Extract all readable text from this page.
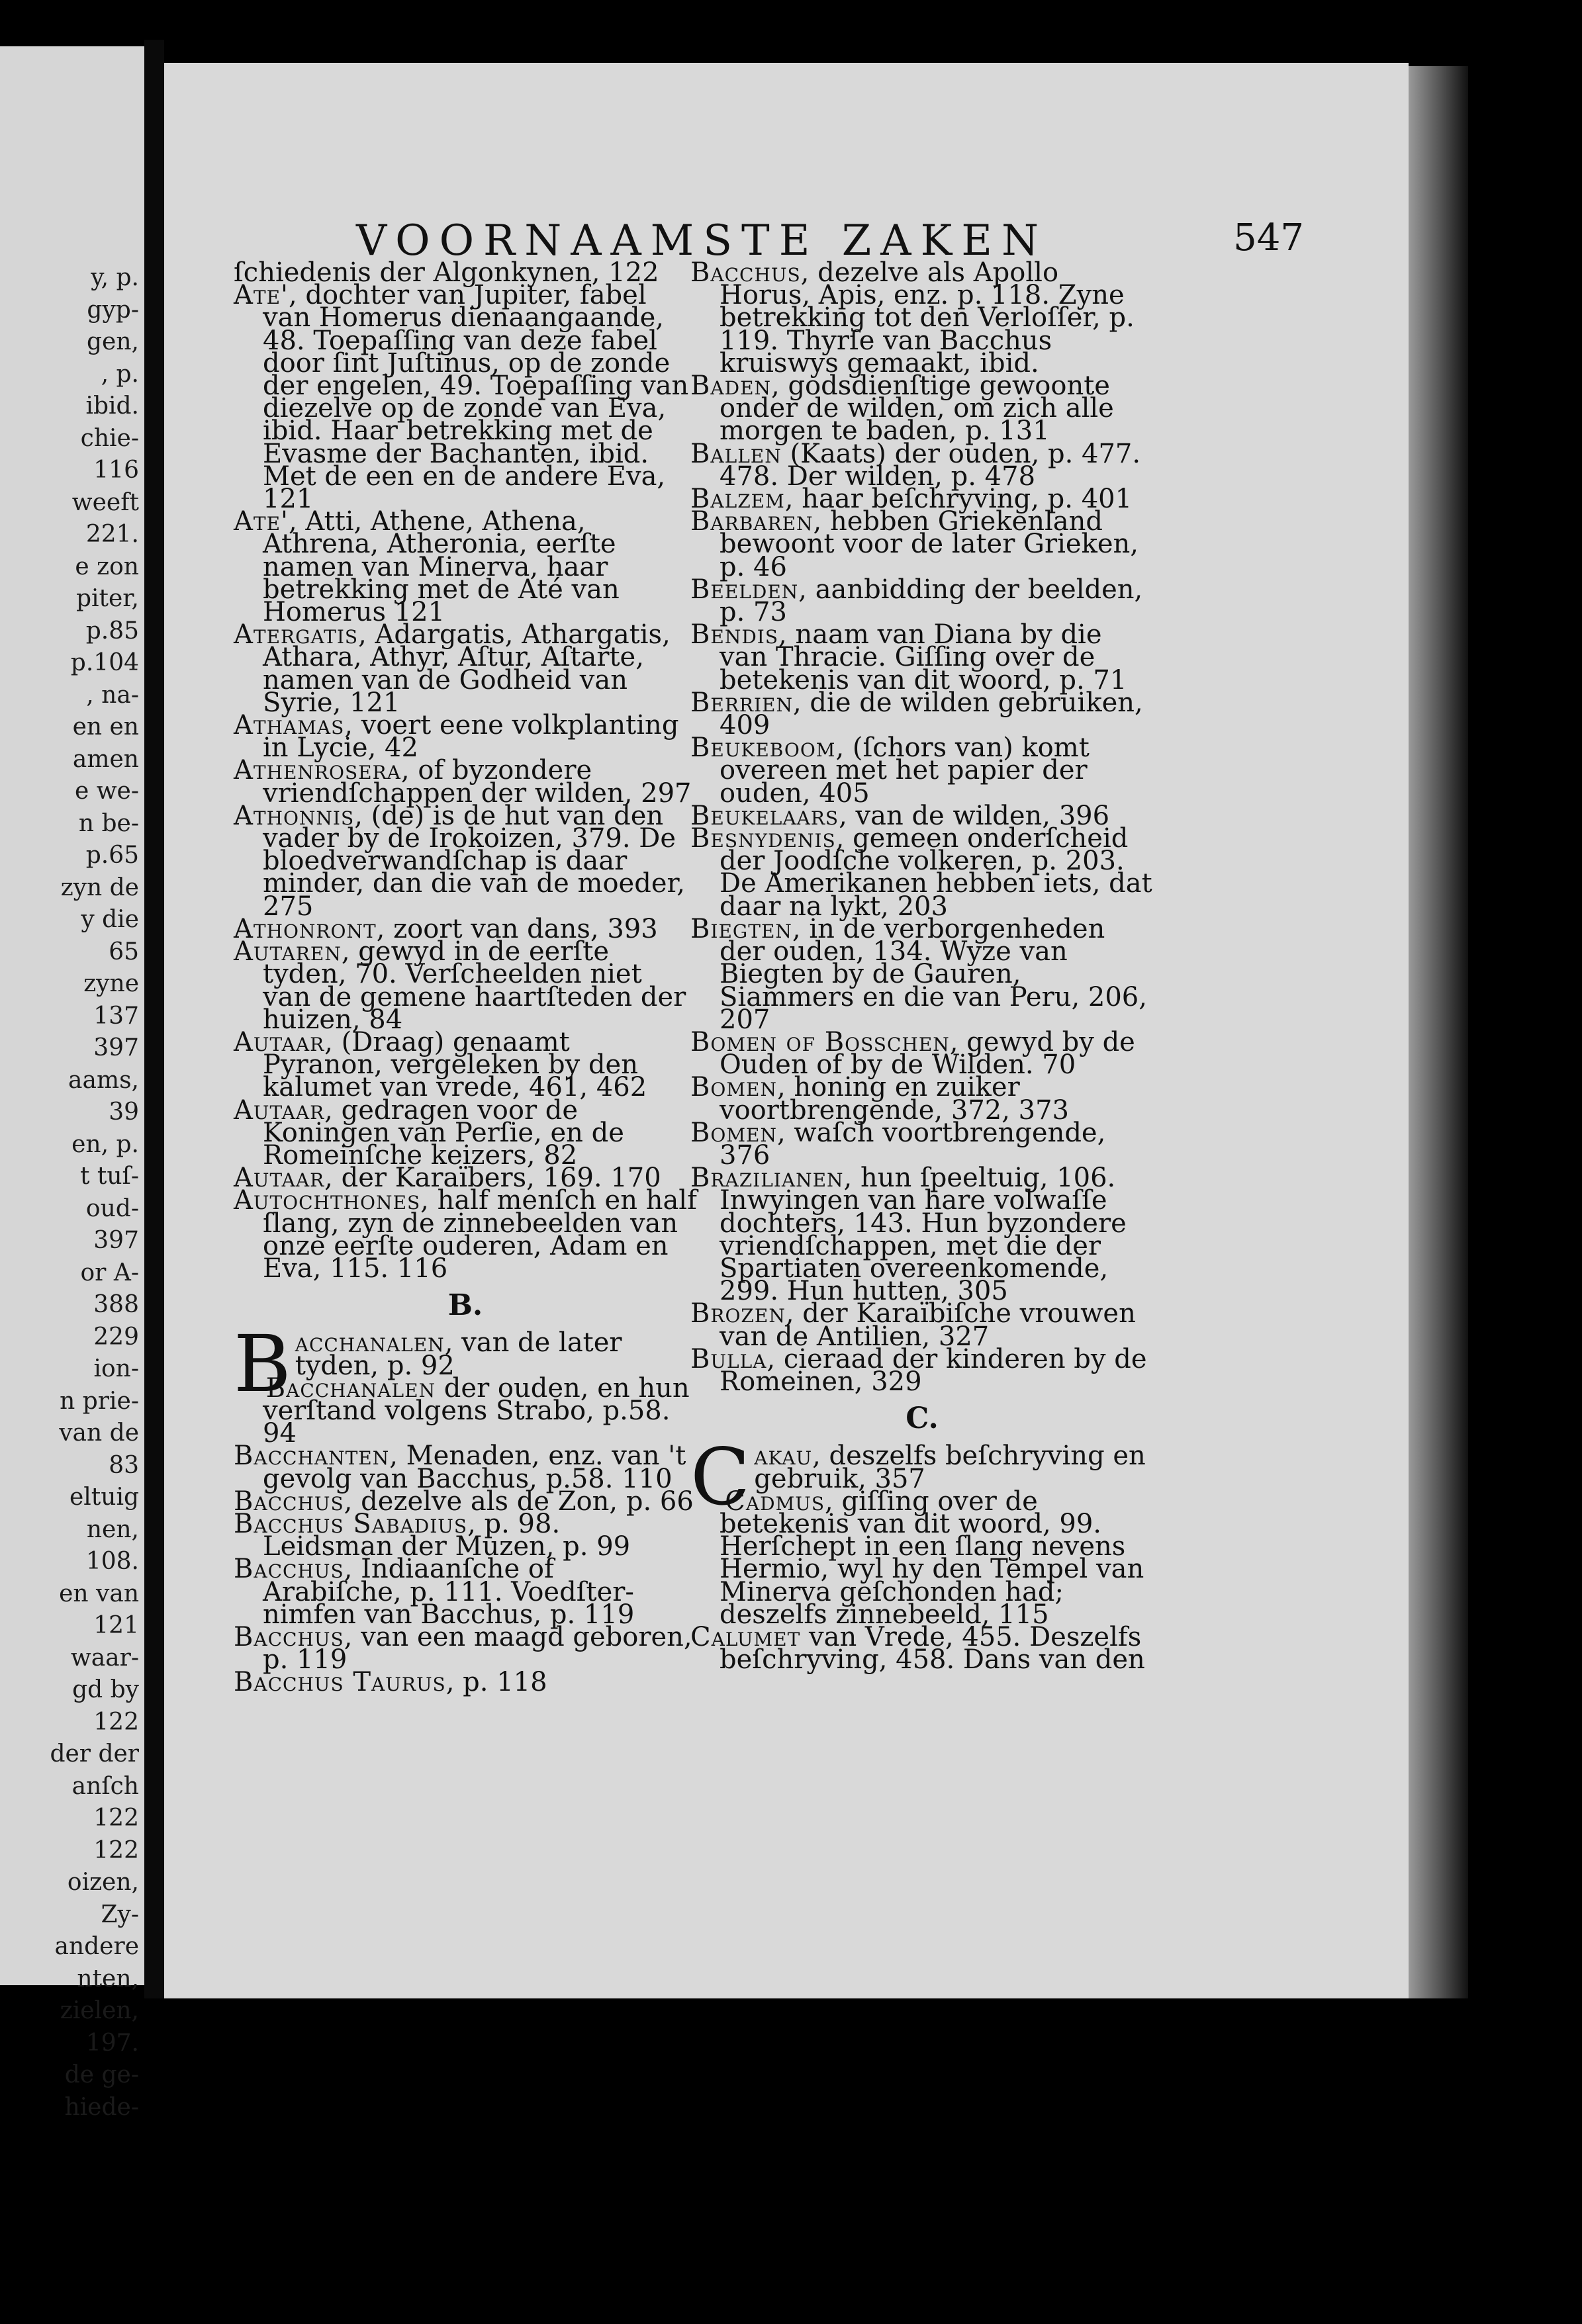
y, p.
gyp-
gen,
, p.
ibid.
chie-
116
weeft
221.
e zon
piter,
p.85
p.104
, na-
en en
amen
e we-
n be-
p.65
zyn de
y die
65
zyne
137
397
aams,
39
en, p.
t tuſ-
oud-
397
or A-
388
229
ion-
n prie-
van de
83
eltuig
nen,
108.
en van
121
waar-
gd by
122
der der
anſch
122
122
oizen,
Zy-
andere
nten,
zielen,
197.
de ge-
hiede-
VOORNAAMSTE ZAKEN	547
ſchiedenis der Algonkynen, 122
Ate', dochter van Jupiter, fabel van Homerus dienaangaande, 48. Toepaſſing van deze fabel door ſint Juſtinus, op de zonde der engelen, 49. Toepaſſing van diezelve op de zonde van Eva, ibid. Haar betrekking met de Evasme der Bachanten, ibid. Met de een en de andere Eva, 121
Ate', Atti, Athene, Athena, Athrena, Atheronia, eerſte namen van Minerva, haar betrekking met de Até van Homerus 121
Atergatis, Adargatis, Athargatis, Athara, Athyr, Aſtur, Aſtarte, namen van de Godheid van Syrie, 121
Athamas, voert eene volkplanting in Lycie, 42
Athenrosera, of byzondere vriendſchappen der wilden, 297
Athonnis, (de) is de hut van den vader by de Irokoizen, 379. De bloedverwandſchap is daar minder, dan die van de moeder, 275
Athonront, zoort van dans, 393
Autaren, gewyd in de eerſte tyden, 70. Verſcheelden niet van de gemene haartſteden der huizen, 84
Autaar, (Draag) genaamt Pyranon, vergeleken by den kalumet van vrede, 461, 462
Autaar, gedragen voor de Koningen van Perſie, en de Romeinſche keizers, 82
Autaar, der Karaïbers, 169. 170
Autochthones, half menſch en half ſlang, zyn de zinnebeelden van onze eerſte ouderen, Adam en Eva, 115. 116
B.
Bacchanalen, van de later tyden, p. 92
Bacchanalen der ouden, en hun verſtand volgens Strabo, p.58. 94
Bacchanten, Menaden, enz. van 't gevolg van Bacchus, p.58. 110
Bacchus, dezelve als de Zon, p. 66
Bacchus Sabadius, p. 98. Leidsman der Muzen, p. 99
Bacchus, Indiaanſche of Arabiſche, p. 111. Voedſter-nimfen van Bacchus, p. 119
Bacchus, van een maagd geboren, p. 119
Bacchus Taurus, p. 118
Bacchus, dezelve als Apollo Horus, Apis, enz. p. 118. Zyne betrekking tot den Verloſſer, p. 119. Thyrſe van Bacchus kruiswys gemaakt, ibid.
Baden, godsdienſtige gewoonte onder de wilden, om zich alle morgen te baden, p. 131
Ballen (Kaats) der ouden, p. 477. 478. Der wilden, p. 478
Balzem, haar beſchryving, p. 401
Barbaren, hebben Griekenland bewoont voor de later Grieken, p. 46
Beelden, aanbidding der beelden, p. 73
Bendis, naam van Diana by die van Thracie. Giſſing over de betekenis van dit woord, p. 71
Berrien, die de wilden gebruiken, 409
Beukeboom, (ſchors van) komt overeen met het papier der ouden, 405
Beukelaars, van de wilden, 396
Besnydenis, gemeen onderſcheid der Joodſche volkeren, p. 203. De Amerikanen hebben iets, dat daar na lykt, 203
Biegten, in de verborgenheden der ouden, 134. Wyze van Biegten by de Gauren, Siammers en die van Peru, 206, 207
Bomen of Bosschen, gewyd by de Ouden of by de Wilden. 70
Bomen, honing en zuiker voortbrengende, 372, 373
Bomen, waſch voortbrengende, 376
Brazilianen, hun ſpeeltuig, 106. Inwyingen van hare volwaſſe dochters, 143. Hun byzondere vriendſchappen, met die der Spartiaten overeenkomende, 299. Hun hutten, 305
Brozen, der Karaïbiſche vrouwen van de Antilien, 327
Bulla, cieraad der kinderen by de Romeinen, 329
C.
Cakau, deszelfs beſchryving en gebruik, 357
Cadmus, giſſing over de betekenis van dit woord, 99. Herſchept in een ſlang nevens Hermio, wyl hy den Tempel van Minerva geſchonden had; deszelfs zinnebeeld, 115
Calumet van Vrede, 455. Deszelfs beſchryving, 458. Dans van den
